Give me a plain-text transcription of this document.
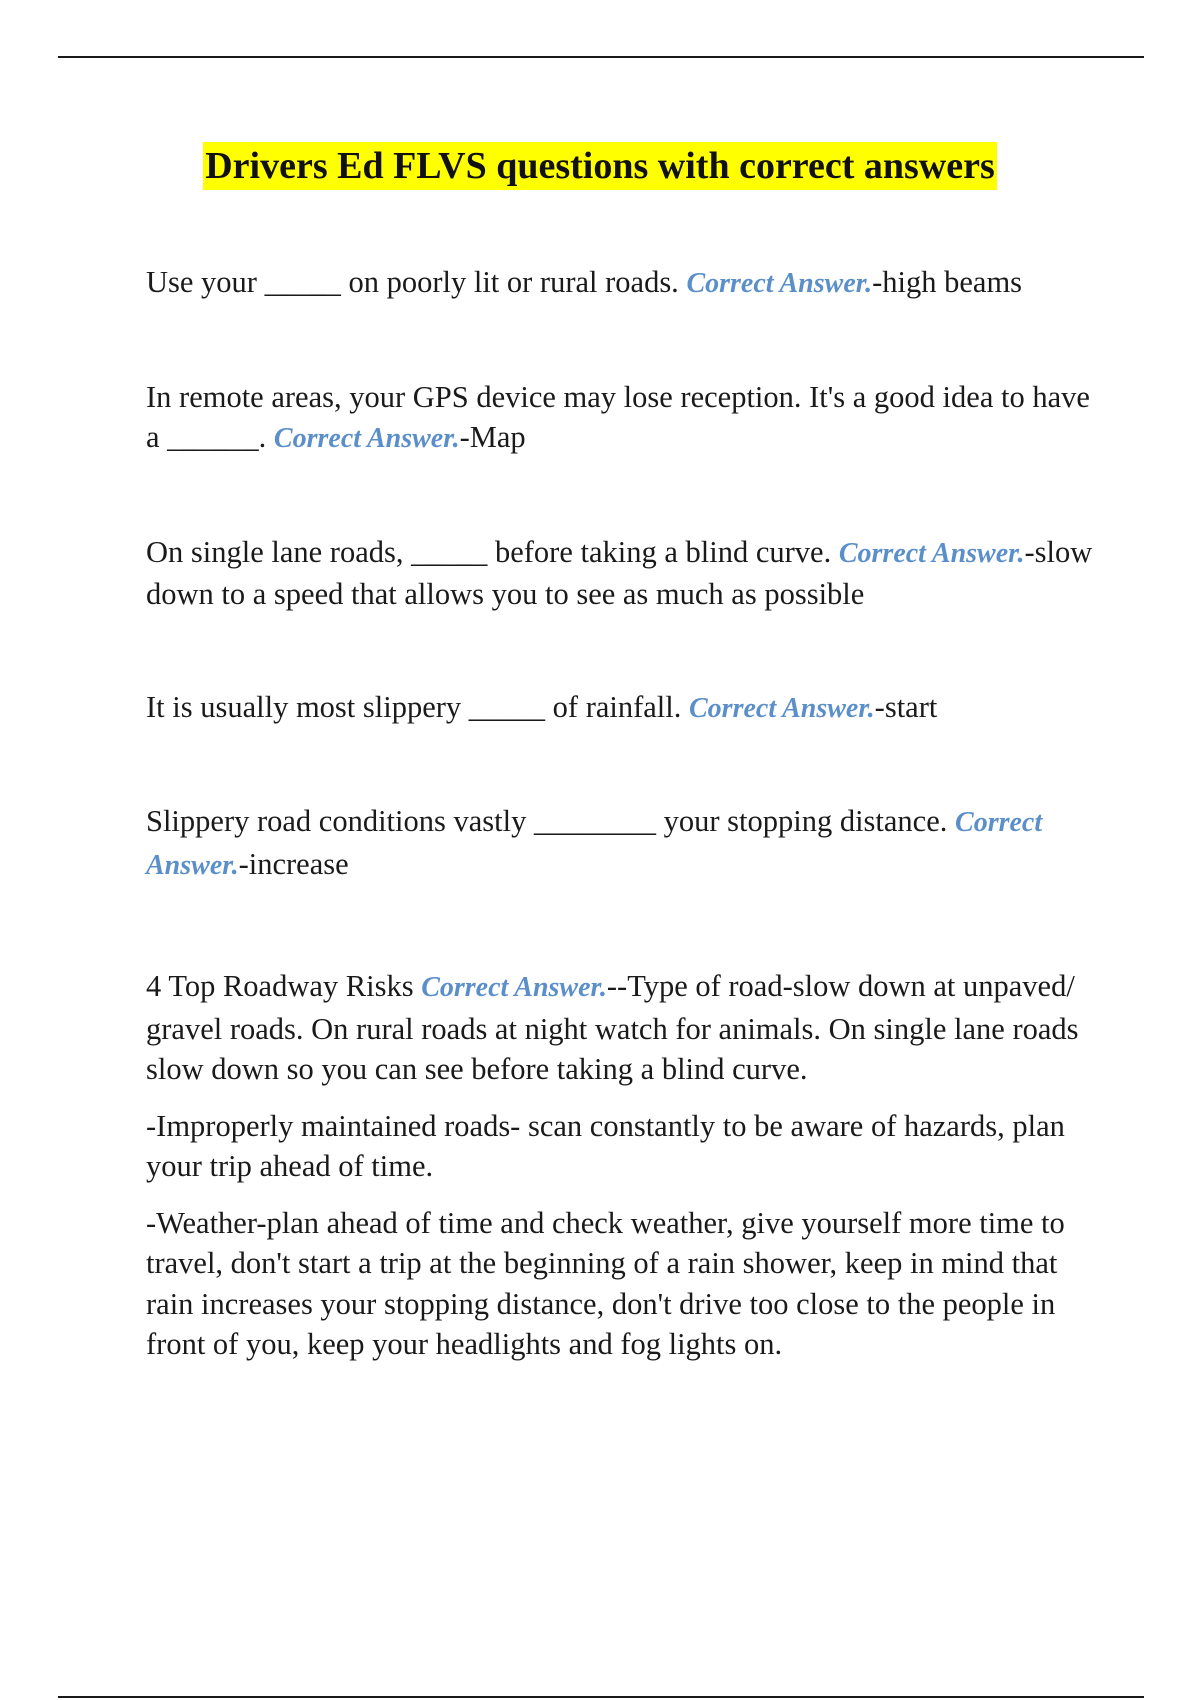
Drivers Ed FLVS questions with correct answers

Use your _____ on poorly lit or rural roads. Correct Answer.-high beams

In remote areas, your GPS device may lose reception. It's a good idea to have a ______. Correct Answer.-Map

On single lane roads, _____ before taking a blind curve. Correct Answer.-slow down to a speed that allows you to see as much as possible

It is usually most slippery _____ of rainfall. Correct Answer.-start

Slippery road conditions vastly ________ your stopping distance. Correct Answer.-increase

4 Top Roadway Risks Correct Answer.--Type of road-slow down at unpaved/ gravel roads. On rural roads at night watch for animals. On single lane roads slow down so you can see before taking a blind curve.

-Improperly maintained roads- scan constantly to be aware of hazards, plan your trip ahead of time.

-Weather-plan ahead of time and check weather, give yourself more time to travel, don't start a trip at the beginning of a rain shower, keep in mind that rain increases your stopping distance, don't drive too close to the people in front of you, keep your headlights and fog lights on.
